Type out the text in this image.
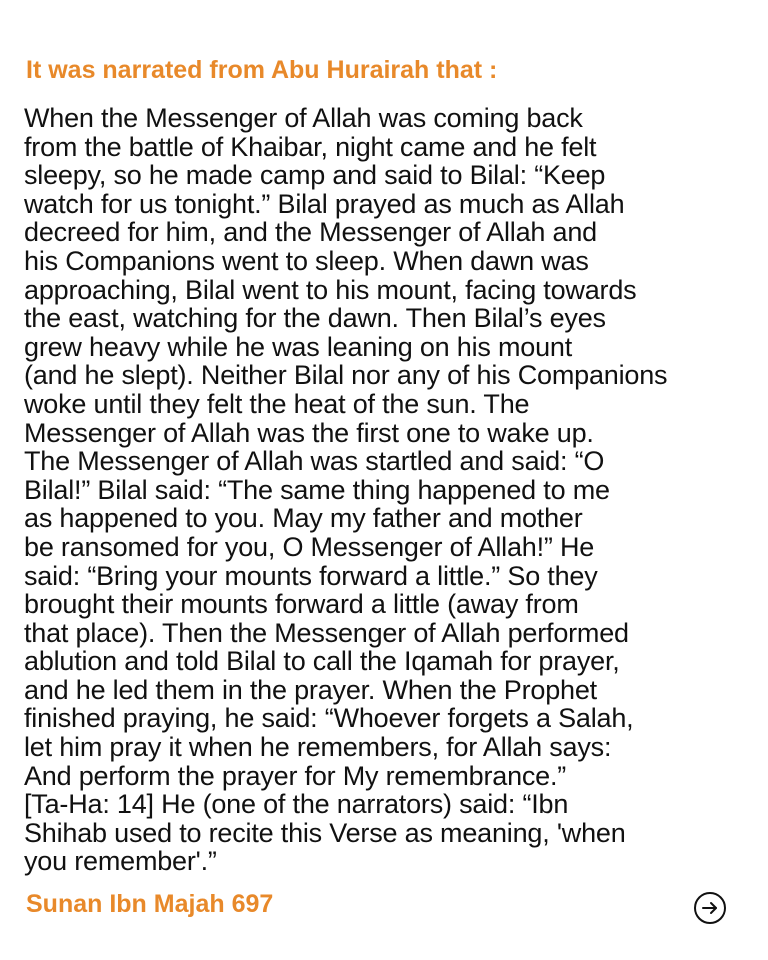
It was narrated from Abu Hurairah that :
When the Messenger of Allah was coming back
from the battle of Khaibar, night came and he felt
sleepy, so he made camp and said to Bilal: “Keep
watch for us tonight.” Bilal prayed as much as Allah
decreed for him, and the Messenger of Allah and
his Companions went to sleep. When dawn was
approaching, Bilal went to his mount, facing towards
the east, watching for the dawn. Then Bilal’s eyes
grew heavy while he was leaning on his mount
(and he slept). Neither Bilal nor any of his Companions
woke until they felt the heat of the sun. The
Messenger of Allah was the first one to wake up.
The Messenger of Allah was startled and said: “O
Bilal!” Bilal said: “The same thing happened to me
as happened to you. May my father and mother
be ransomed for you, O Messenger of Allah!” He
said: “Bring your mounts forward a little.” So they
brought their mounts forward a little (away from
that place). Then the Messenger of Allah performed
ablution and told Bilal to call the Iqamah for prayer,
and he led them in the prayer. When the Prophet
finished praying, he said: “Whoever forgets a Salah,
let him pray it when he remembers, for Allah says:
And perform the prayer for My remembrance.”
[Ta-Ha: 14] He (one of the narrators) said: “Ibn
Shihab used to recite this Verse as meaning, 'when
you remember'.”
Sunan Ibn Majah 697
